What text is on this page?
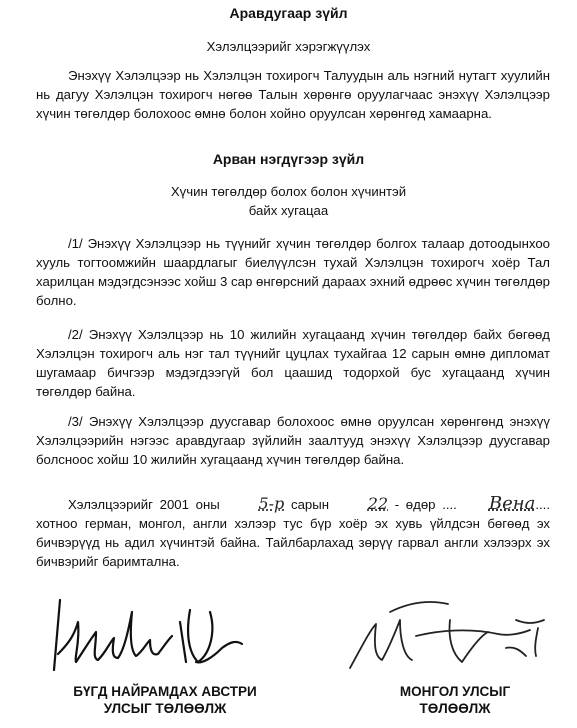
Аравдугаар зүйл
Хэлэлцээрийг хэрэгжүүлэх
Энэхүү Хэлэлцээр нь Хэлэлцэн тохирогч Талуудын аль нэгний нутагт хуулийн нь дагуу Хэлэлцэн тохирогч нөгөө Талын хөрөнгө оруулагчаас энэхүү Хэлэлцээр хүчин төгөлдөр болохоос өмнө болон хойно оруулсан хөрөнгөд хамаарна.
Арван нэгдүгээр зүйл
Хүчин төгөлдөр болох болон хүчинтэй
байх хугацаа
/1/ Энэхүү Хэлэлцээр нь түүнийг хүчин төгөлдөр болгох талаар дотоодынхоо хууль тогтоомжийн шаардлагыг биелүүлсэн тухай Хэлэлцэн тохирогч хоёр Тал харилцан мэдэгдсэнээс хойш 3 сар өнгөрсний дараах эхний өдрөөс хүчин төгөлдөр болно.
/2/ Энэхүү Хэлэлцээр нь 10 жилийн хугацаанд хүчин төгөлдөр байх бөгөөд Хэлэлцэн тохирогч аль нэг тал түүнийг цуцлах тухайгаа 12 сарын өмнө дипломат шугамаар бичгээр мэдэгдээгүй бол цаашид тодорхой бус хугацаанд хүчин төгөлдөр байна.
/3/ Энэхүү Хэлэлцээр дуусгавар болохоос өмнө оруулсан хөрөнгөнд энэхүү Хэлэлцээрийн нэгээс аравдугаар зүйлийн заалтууд энэхүү Хэлэлцээр дуусгавар болсноос хойш 10 жилийн хугацаанд хүчин төгөлдөр байна.
Хэлэлцээрийг 2001 оны 5-р сарын 22 - өдөр .... Вена.... хотноо герман, монгол, англи хэлээр тус бүр хоёр эх хувь үйлдсэн бөгөөд эх бичвэрүүд нь адил хүчинтэй байна. Тайлбарлахад зөрүү гарвал англи хэлээрх эх бичвэрийг баримтална.
БҮГД НАЙРАМДАХ АВСТРИ
УЛСЫГ ТӨЛӨӨЛЖ
МОНГОЛ УЛСЫГ
ТӨЛӨӨЛЖ
